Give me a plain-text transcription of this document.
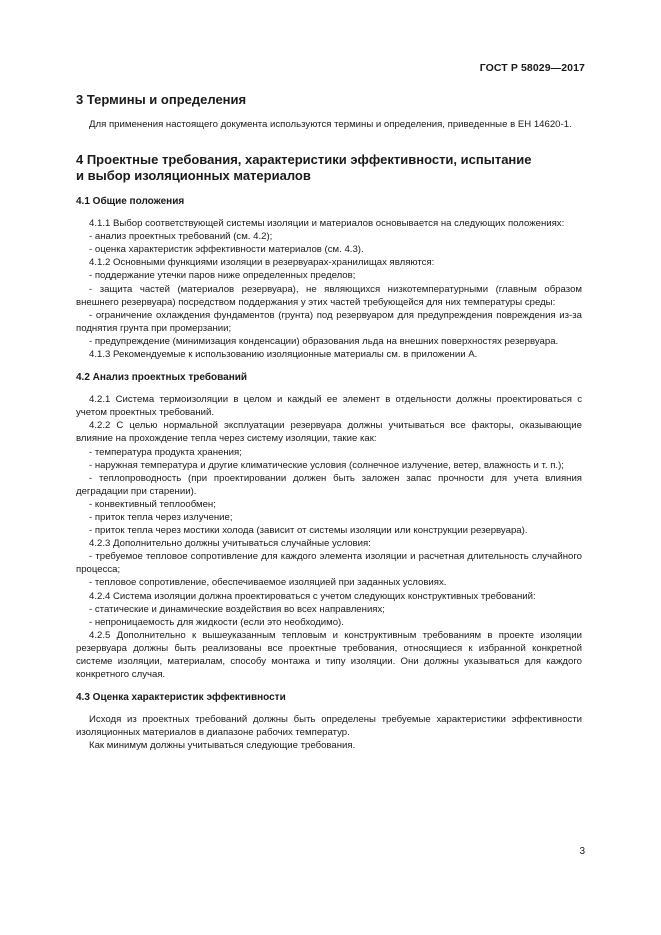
ГОСТ Р 58029—2017
3 Термины и определения

Для применения настоящего документа используются термины и определения, приведенные в ЕН 14620-1.

4 Проектные требования, характеристики эффективности, испытание
и выбор изоляционных материалов
4.1 Общие положения

4.1.1 Выбор соответствующей системы изоляции и материалов основывается на следующих положениях:

- анализ проектных требований (см. 4.2);

- оценка характеристик эффективности материалов (см. 4.3).

4.1.2 Основными функциями изоляции в резервуарах-хранилищах являются:

- поддержание утечки паров ниже определенных пределов;

- защита частей (материалов резервуара), не являющихся низкотемпературными (главным образом внешнего резервуара) посредством поддержания у этих частей требующейся для них температуры среды:

- ограничение охлаждения фундаментов (грунта) под резервуаром для предупреждения повреждения из-за поднятия грунта при промерзании;

- предупреждение (минимизация конденсации) образования льда на внешних поверхностях резервуара.

4.1.3 Рекомендуемые к использованию изоляционные материалы см. в приложении А.

4.2 Анализ проектных требований

4.2.1 Система термоизоляции в целом и каждый ее элемент в отдельности должны проектироваться с учетом проектных требований.

4.2.2 С целью нормальной эксплуатации резервуара должны учитываться все факторы, оказывающие влияние на прохождение тепла через систему изоляции, такие как:

- температура продукта хранения;

- наружная температура и другие климатические условия (солнечное излучение, ветер, влажность и т. п.);

- теплопроводность (при проектировании должен быть заложен запас прочности для учета влияния деградации при старении).

- конвективный теплообмен;

- приток тепла через излучение;

- приток тепла через мостики холода (зависит от системы изоляции или конструкции резервуара).

4.2.3 Дополнительно должны учитываться случайные условия:

- требуемое тепловое сопротивление для каждого элемента изоляции и расчетная длительность случайного процесса;

- тепловое сопротивление, обеспечиваемое изоляцией при заданных условиях.

4.2.4 Система изоляции должна проектироваться с учетом следующих конструктивных требований:

- статические и динамические воздействия во всех направлениях;

- непроницаемость для жидкости (если это необходимо).

4.2.5 Дополнительно к вышеуказанным тепловым и конструктивным требованиям в проекте изоляции резервуара должны быть реализованы все проектные требования, относящиеся к избранной конкретной системе изоляции, материалам, способу монтажа и типу изоляции. Они должны указываться для каждого конкретного случая.

4.3 Оценка характеристик эффективности

Исходя из проектных требований должны быть определены требуемые характеристики эффективности изоляционных материалов в диапазоне рабочих температур.

Как минимум должны учитываться следующие требования.

3
